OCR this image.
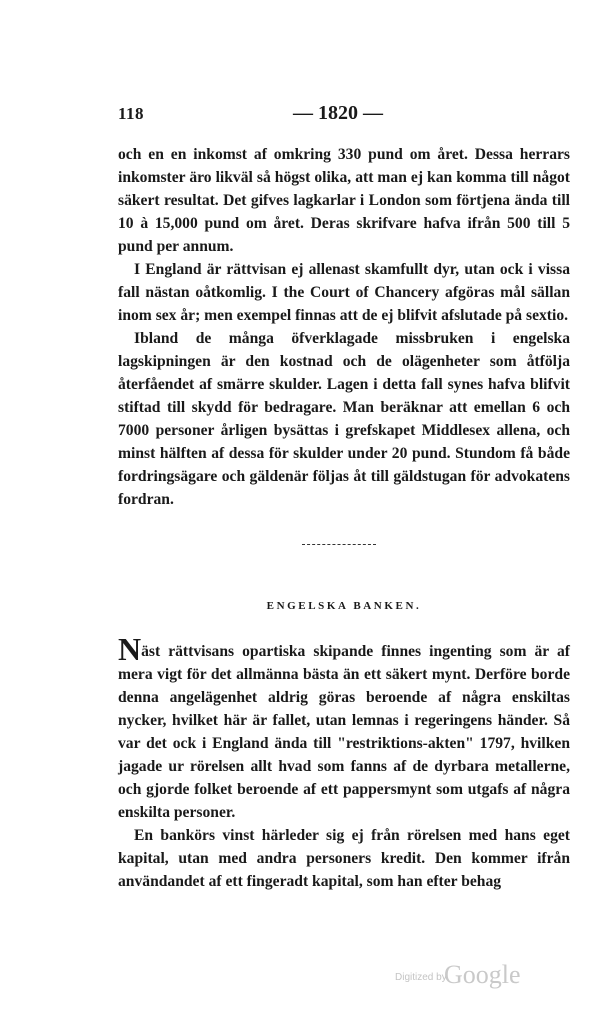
118	— 1820 —

och en en inkomst af omkring 330 pund om året. Dessa herrars inkomster äro likväl så högst olika, att man ej kan komma till något säkert resultat. Det gifves lagkarlar i London som förtjena ända till 10 à 15,000 pund om året. Deras skrifvare hafva ifrån 500 till 5 pund per annum.

I England är rättvisan ej allenast skamfullt dyr, utan ock i vissa fall nästan oåtkomlig. I the Court of Chancery afgöras mål sällan inom sex år; men exempel finnas att de ej blifvit afslutade på sextio.

Ibland de många öfverklagade missbruken i engelska lagskipningen är den kostnad och de olägenheter som åtfölja återfåendet af smärre skulder. Lagen i detta fall synes hafva blifvit stiftad till skydd för bedragare. Man beräknar att emellan 6 och 7000 personer årligen bysättas i grefskapet Middlesex allena, och minst hälften af dessa för skulder under 20 pund. Stundom få både fordringsägare och gäldenär följas åt till gäldstugan för advokatens fordran.

ENGELSKA BANKEN.

Näst rättvisans opartiska skipande finnes ingenting som är af mera vigt för det allmänna bästa än ett säkert mynt. Derföre borde denna angelägenhet aldrig göras beroende af några enskiltas nycker, hvilket här är fallet, utan lemnas i regeringens händer. Så var det ock i England ända till "restriktions-akten" 1797, hvilken jagade ur rörelsen allt hvad som fanns af de dyrbara metallerne, och gjorde folket beroende af ett pappersmynt som utgafs af några enskilta personer.

En bankörs vinst härleder sig ej från rörelsen med hans eget kapital, utan med andra personers kredit. Den kommer ifrån användandet af ett fingeradt kapital, som han efter behag

Digitized by
Google
